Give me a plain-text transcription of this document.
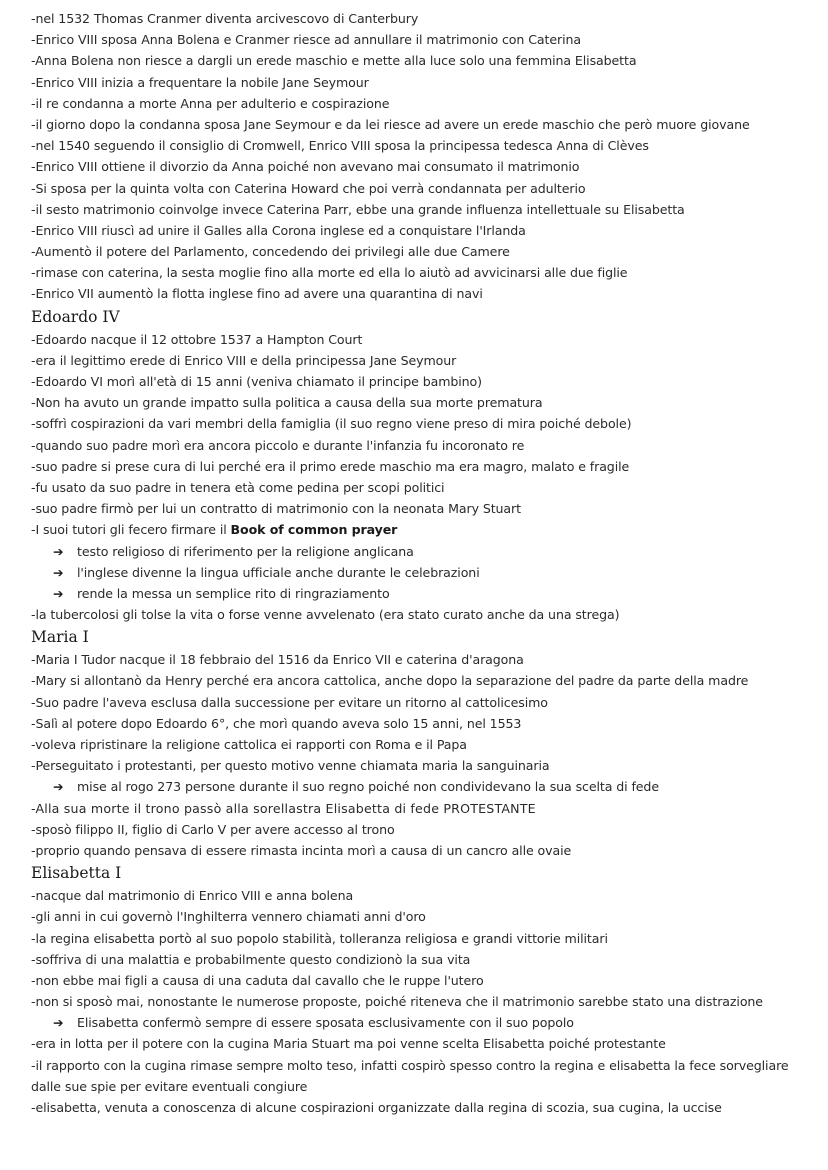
-nel 1532 Thomas Cranmer diventa arcivescovo di Canterbury
-Enrico VIII sposa Anna Bolena e Cranmer riesce ad annullare il matrimonio con Caterina
-Anna Bolena non riesce a dargli un erede maschio e mette alla luce solo una femmina Elisabetta
-Enrico VIII inizia a frequentare la nobile Jane Seymour
-il re condanna a morte Anna per adulterio e cospirazione
-il giorno dopo la condanna sposa Jane Seymour e da lei riesce ad avere un erede maschio che però muore giovane
-nel 1540 seguendo il consiglio di Cromwell, Enrico VIII sposa la principessa tedesca Anna di Clèves
-Enrico VIII ottiene il divorzio da Anna poiché non avevano mai consumato il matrimonio
-Si sposa per la quinta volta con Caterina Howard che poi verrà condannata per adulterio
-il sesto matrimonio coinvolge invece Caterina Parr, ebbe una grande influenza intellettuale su Elisabetta
-Enrico VIII riuscì ad unire il Galles alla Corona inglese ed a conquistare l'Irlanda
-Aumentò il potere del Parlamento, concedendo dei privilegi alle due Camere
-rimase con caterina, la sesta moglie fino alla morte ed ella lo aiutò ad avvicinarsi alle due figlie
-Enrico VII aumentò la flotta inglese fino ad avere una quarantina di navi
Edoardo IV
-Edoardo nacque il 12 ottobre 1537 a Hampton Court
-era il legittimo erede di Enrico VIII e della principessa Jane Seymour
-Edoardo VI morì all'età di 15 anni (veniva chiamato il principe bambino)
-Non ha avuto un grande impatto sulla politica a causa della sua morte prematura
-soffrì cospirazioni da vari membri della famiglia (il suo regno viene preso di mira poiché debole)
-quando suo padre morì era ancora piccolo e durante l'infanzia fu incoronato re
-suo padre si prese cura di lui perché era il primo erede maschio ma era magro, malato e fragile
-fu usato da suo padre in tenera età come pedina per scopi politici
-suo padre firmò per lui un contratto di matrimonio con la neonata Mary Stuart
-I suoi tutori gli fecero firmare il Book of common prayer
➔ testo religioso di riferimento per la religione anglicana
➔ l'inglese divenne la lingua ufficiale anche durante le celebrazioni
➔ rende la messa un semplice rito di ringraziamento
-la tubercolosi gli tolse la vita o forse venne avvelenato (era stato curato anche da una strega)
Maria I
-Maria I Tudor nacque il 18 febbraio del 1516 da Enrico VII e caterina d'aragona
-Mary si allontanò da Henry perché era ancora cattolica, anche dopo la separazione del padre da parte della madre
-Suo padre l'aveva esclusa dalla successione per evitare un ritorno al cattolicesimo
-Salì al potere dopo Edoardo 6°, che morì quando aveva solo 15 anni, nel 1553
-voleva ripristinare la religione cattolica ei rapporti con Roma e il Papa
-Perseguitato i protestanti, per questo motivo venne chiamata maria la sanguinaria
➔ mise al rogo 273 persone durante il suo regno poiché non condividevano la sua scelta di fede
-Alla sua morte il trono passò alla sorellastra Elisabetta di fede PROTESTANTE
-sposò filippo II, figlio di Carlo V per avere accesso al trono
-proprio quando pensava di essere rimasta incinta morì a causa di un cancro alle ovaie
Elisabetta I
-nacque dal matrimonio di Enrico VIII e anna bolena
-gli anni in cui governò l'Inghilterra vennero chiamati anni d'oro
-la regina elisabetta portò al suo popolo stabilità, tolleranza religiosa e grandi vittorie militari
-soffriva di una malattia e probabilmente questo condizionò la sua vita
-non ebbe mai figli a causa di una caduta dal cavallo che le ruppe l'utero
-non si sposò mai, nonostante le numerose proposte, poiché riteneva che il matrimonio sarebbe stato una distrazione
➔ Elisabetta confermò sempre di essere sposata esclusivamente con il suo popolo
-era in lotta per il potere con la cugina Maria Stuart ma poi venne scelta Elisabetta poiché protestante
-il rapporto con la cugina rimase sempre molto teso, infatti cospirò spesso contro la regina e elisabetta la fece sorvegliare
dalle sue spie per evitare eventuali congiure
-elisabetta, venuta a conoscenza di alcune cospirazioni organizzate dalla regina di scozia, sua cugina, la uccise
